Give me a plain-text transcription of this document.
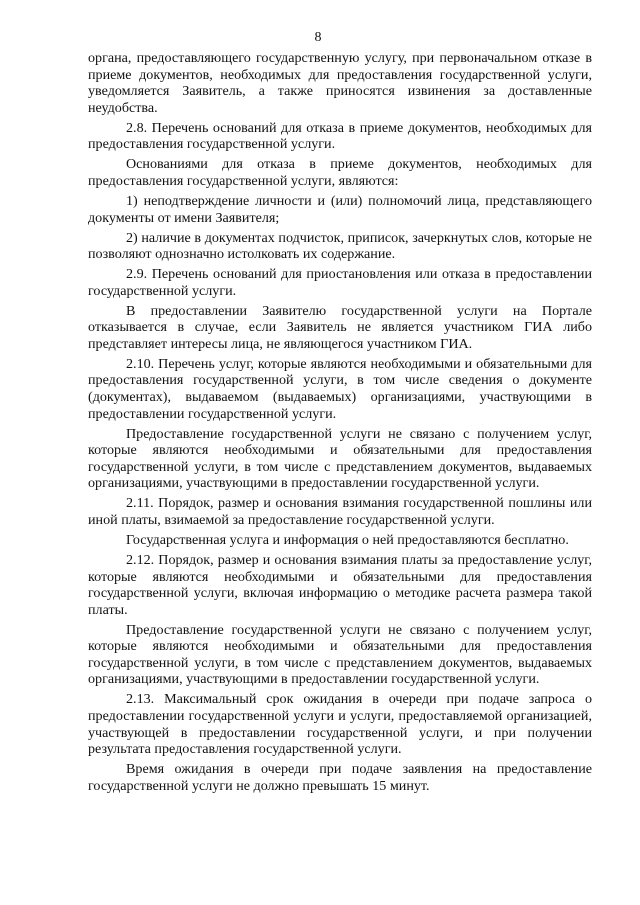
8

органа, предоставляющего государственную услугу, при первоначальном отказе в приеме документов, необходимых для предоставления государственной услуги, уведомляется Заявитель, а также приносятся извинения за доставленные неудобства.

2.8. Перечень оснований для отказа в приеме документов, необходимых для предоставления государственной услуги.

Основаниями для отказа в приеме документов, необходимых для предоставления государственной услуги, являются:

1) неподтверждение личности и (или) полномочий лица, представляющего документы от имени Заявителя;

2) наличие в документах подчисток, приписок, зачеркнутых слов, которые не позволяют однозначно истолковать их содержание.

2.9. Перечень оснований для приостановления или отказа в предоставлении государственной услуги.

В предоставлении Заявителю государственной услуги на Портале отказывается в случае, если Заявитель не является участником ГИА либо представляет интересы лица, не являющегося участником ГИА.

2.10. Перечень услуг, которые являются необходимыми и обязательными для предоставления государственной услуги, в том числе сведения о документе (документах), выдаваемом (выдаваемых) организациями, участвующими в предоставлении государственной услуги.

Предоставление государственной услуги не связано с получением услуг, которые являются необходимыми и обязательными для предоставления государственной услуги, в том числе с представлением документов, выдаваемых организациями, участвующими в предоставлении государственной услуги.

2.11. Порядок, размер и основания взимания государственной пошлины или иной платы, взимаемой за предоставление государственной услуги.

Государственная услуга и информация о ней предоставляются бесплатно.

2.12. Порядок, размер и основания взимания платы за предоставление услуг, которые являются необходимыми и обязательными для предоставления государственной услуги, включая информацию о методике расчета размера такой платы.

Предоставление государственной услуги не связано с получением услуг, которые являются необходимыми и обязательными для предоставления государственной услуги, в том числе с представлением документов, выдаваемых организациями, участвующими в предоставлении государственной услуги.

2.13. Максимальный срок ожидания в очереди при подаче запроса о предоставлении государственной услуги и услуги, предоставляемой организацией, участвующей в предоставлении государственной услуги, и при получении результата предоставления государственной услуги.

Время ожидания в очереди при подаче заявления на предоставление государственной услуги не должно превышать 15 минут.
